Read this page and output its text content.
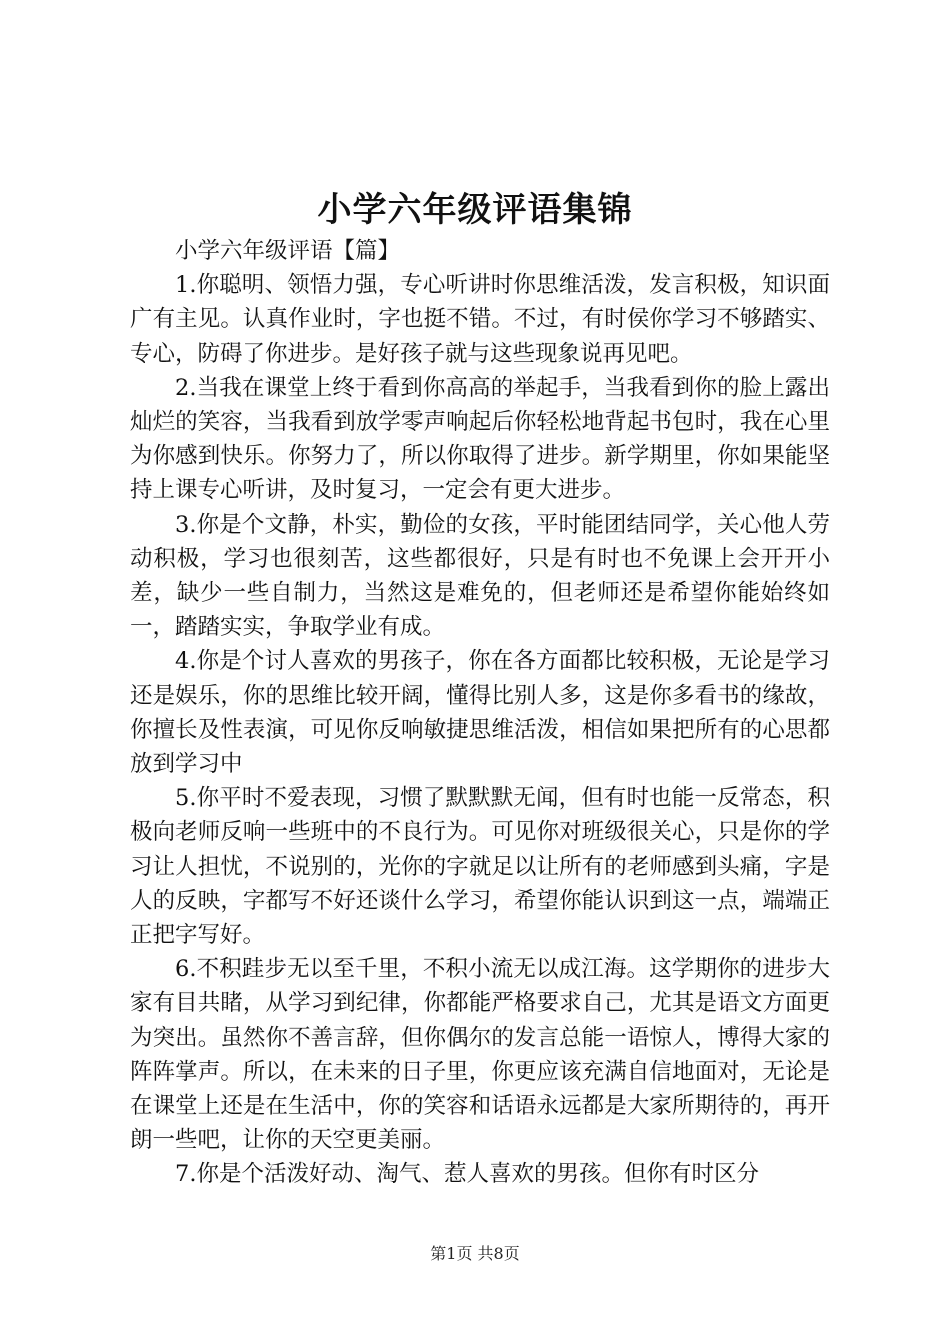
小学六年级评语集锦

小学六年级评语【篇】

1.你聪明、领悟力强，专心听讲时你思维活泼，发言积极，知识面广有主见。认真作业时，字也挺不错。不过，有时侯你学习不够踏实、专心，防碍了你进步。是好孩子就与这些现象说再见吧。

2.当我在课堂上终于看到你高高的举起手，当我看到你的脸上露出灿烂的笑容，当我看到放学零声响起后你轻松地背起书包时，我在心里为你感到快乐。你努力了，所以你取得了进步。新学期里，你如果能坚持上课专心听讲，及时复习，一定会有更大进步。

3.你是个文静，朴实，勤俭的女孩，平时能团结同学，关心他人劳动积极，学习也很刻苦，这些都很好，只是有时也不免课上会开开小差，缺少一些自制力，当然这是难免的，但老师还是希望你能始终如一，踏踏实实，争取学业有成。

4.你是个讨人喜欢的男孩子，你在各方面都比较积极，无论是学习还是娱乐，你的思维比较开阔，懂得比别人多，这是你多看书的缘故，你擅长及性表演，可见你反响敏捷思维活泼，相信如果把所有的心思都放到学习中

5.你平时不爱表现，习惯了默默默无闻，但有时也能一反常态，积极向老师反响一些班中的不良行为。可见你对班级很关心，只是你的学习让人担忧，不说别的，光你的字就足以让所有的老师感到头痛，字是人的反映，字都写不好还谈什么学习，希望你能认识到这一点，端端正正把字写好。

6.不积跬步无以至千里，不积小流无以成江海。这学期你的进步大家有目共睹，从学习到纪律，你都能严格要求自己，尤其是语文方面更为突出。虽然你不善言辞，但你偶尔的发言总能一语惊人，博得大家的阵阵掌声。所以，在未来的日子里，你更应该充满自信地面对，无论是在课堂上还是在生活中，你的笑容和话语永远都是大家所期待的，再开朗一些吧，让你的天空更美丽。

7.你是个活泼好动、淘气、惹人喜欢的男孩。但你有时区分

第1页 共8页
